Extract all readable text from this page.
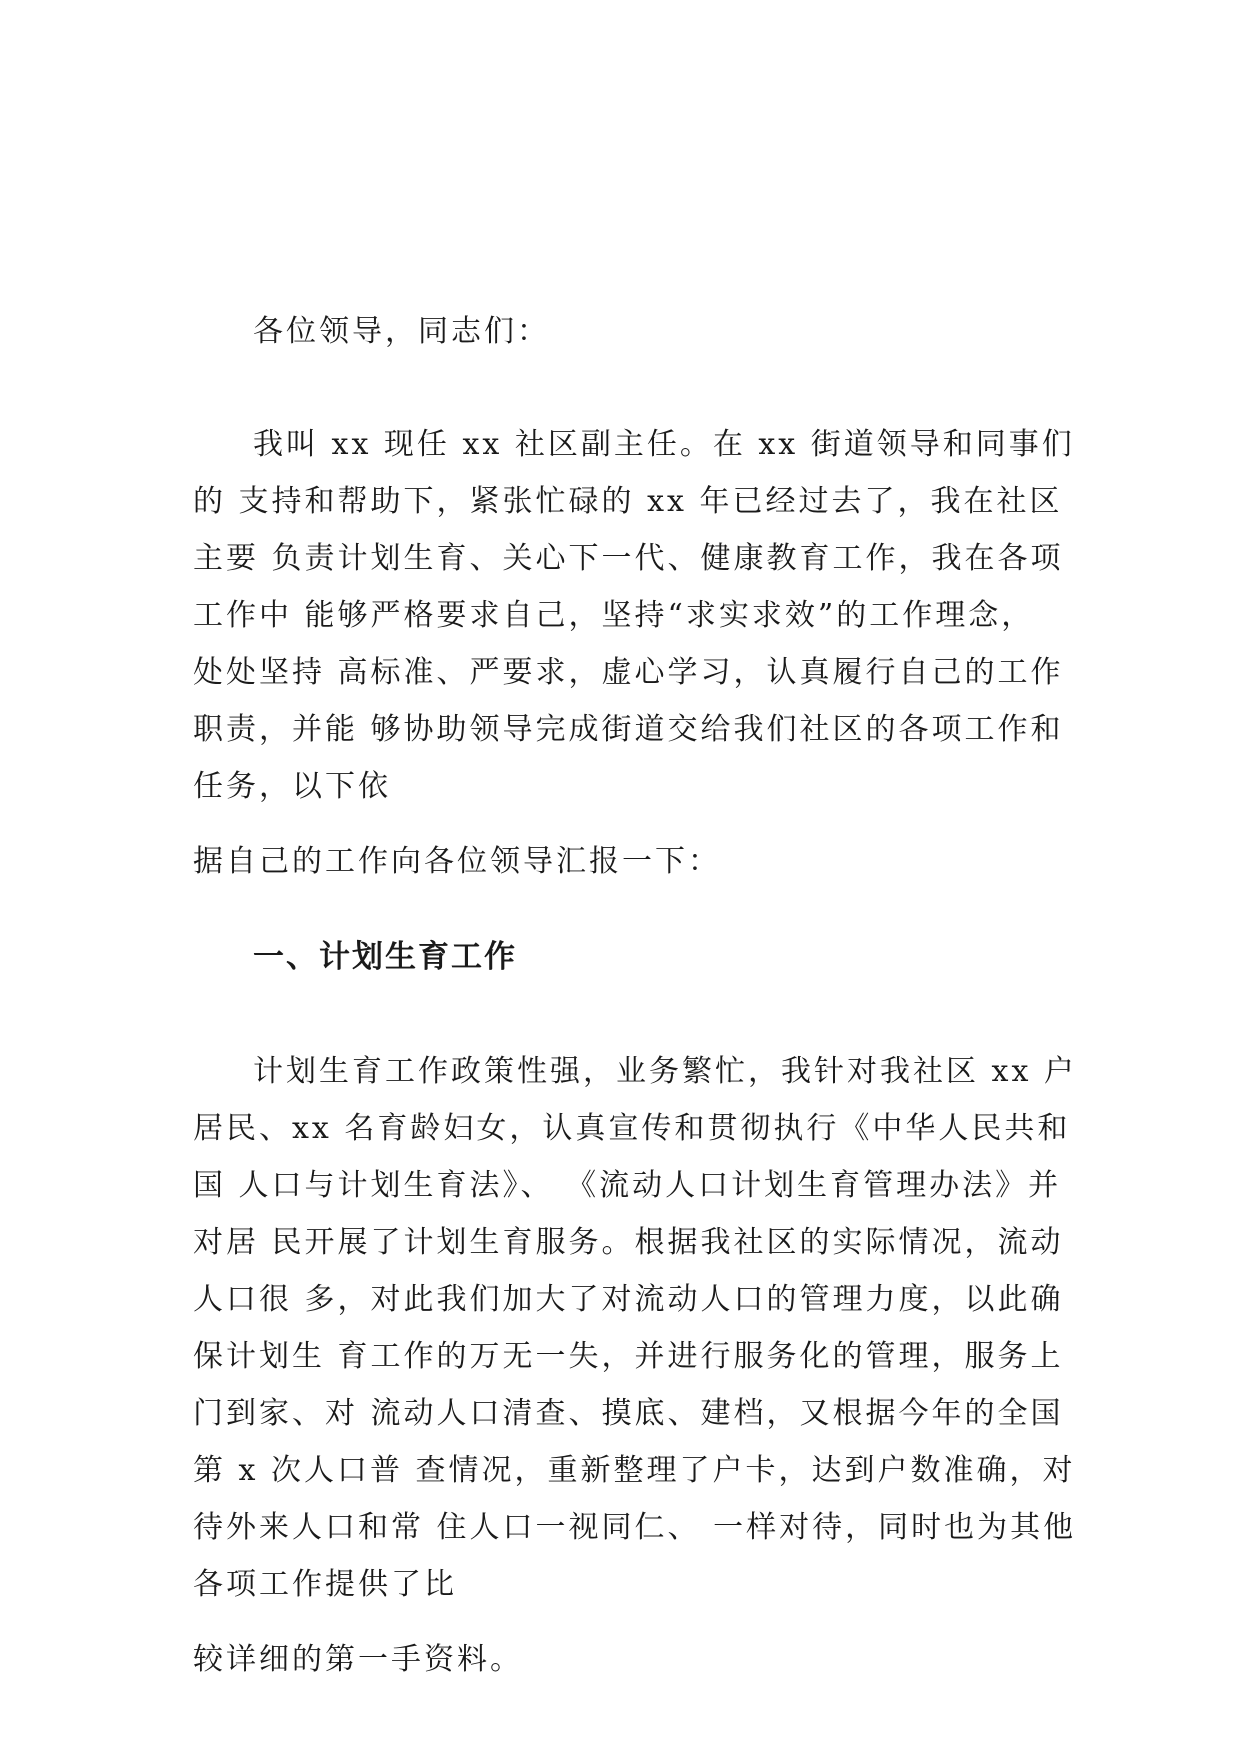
各位领导，同志们：
我叫 xx 现任 xx 社区副主任。在 xx 街道领导和同事们
的 支持和帮助下，紧张忙碌的 xx 年已经过去了，我在社区
主要 负责计划生育、关心下一代、健康教育工作，我在各项
工作中 能够严格要求自己，坚持“求实求效”的工作理念，
处处坚持 高标准、严要求，虚心学习，认真履行自己的工作
职责，并能 够协助领导完成街道交给我们社区的各项工作和
任务，以下依
据自己的工作向各位领导汇报一下：
一、计划生育工作
计划生育工作政策性强，业务繁忙，我针对我社区 xx 户
居民、xx 名育龄妇女，认真宣传和贯彻执行《中华人民共和
国 人口与计划生育法》、 《流动人口计划生育管理办法》并
对居 民开展了计划生育服务。根据我社区的实际情况，流动
人口很 多，对此我们加大了对流动人口的管理力度，以此确
保计划生 育工作的万无一失，并进行服务化的管理，服务上
门到家、对 流动人口清查、摸底、建档，又根据今年的全国
第 x 次人口普 查情况，重新整理了户卡，达到户数准确，对
待外来人口和常 住人口一视同仁、 一样对待，同时也为其他
各项工作提供了比
较详细的第一手资料。
